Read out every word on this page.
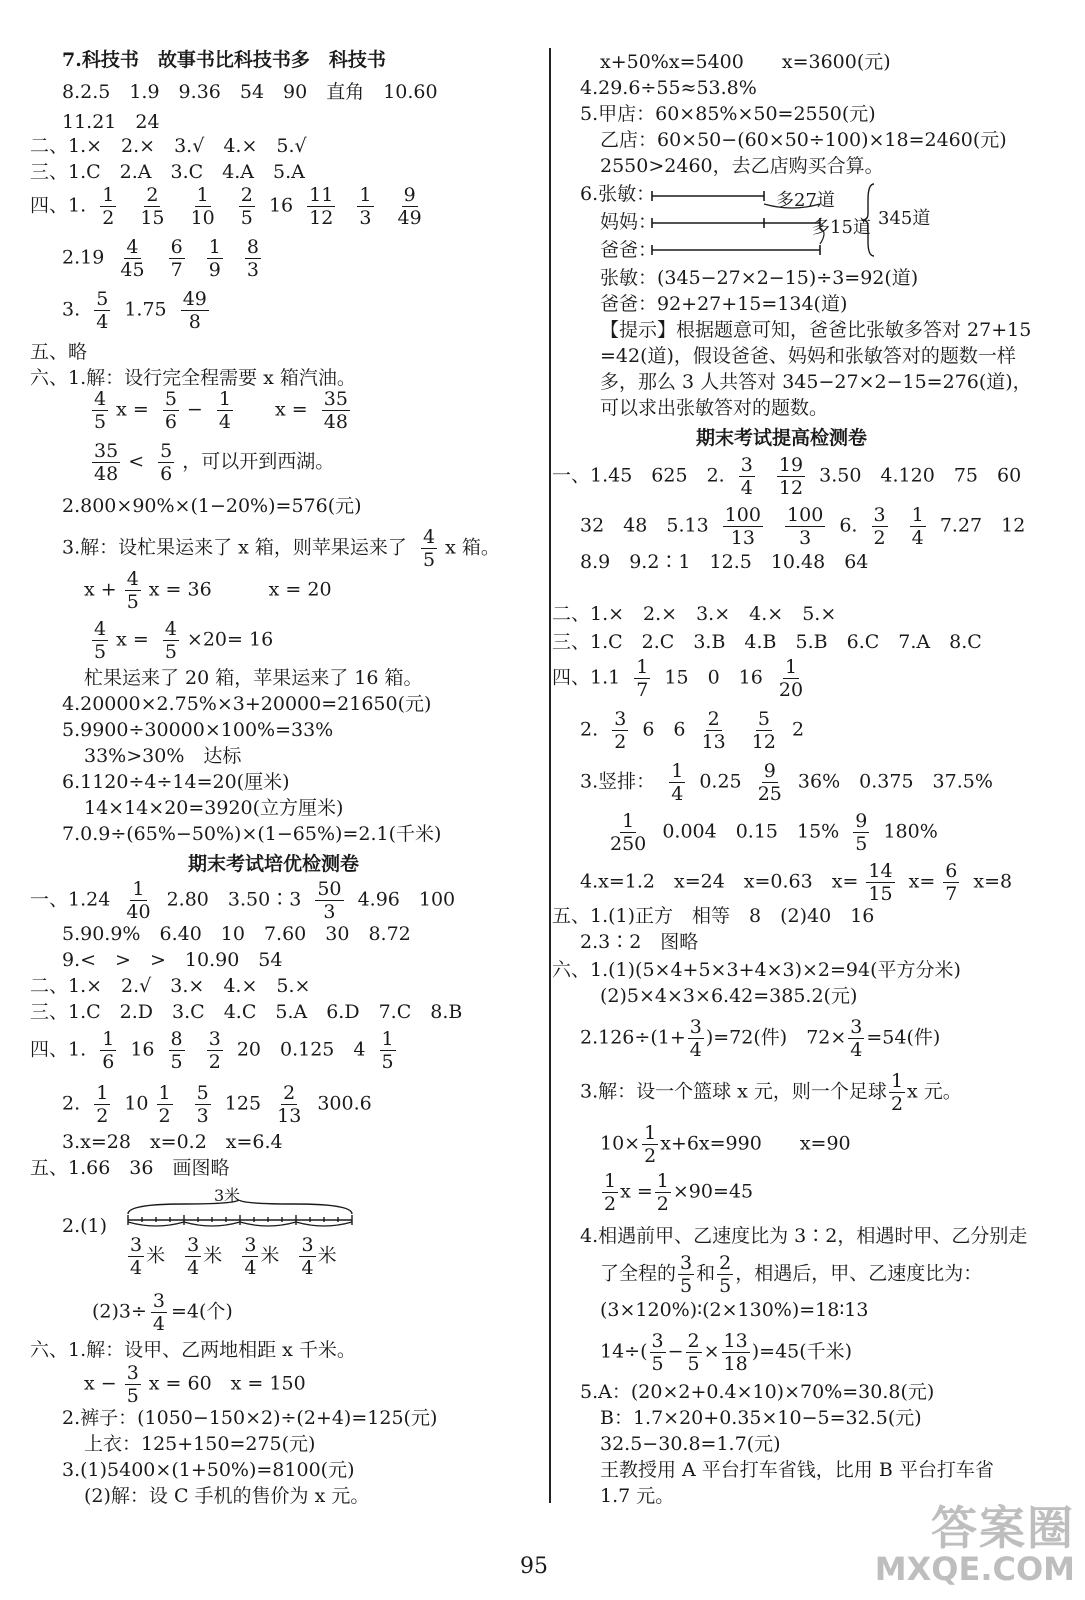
7.科技书　故事书比科技书多　科技书
8.2.5　1.9　9.36　54　90　直角　10.60
11.21　24
二、1.×　2.×　3.√　4.×　5.√
三、1.C　2.A　3.C　4.A　5.A
四、1. $\frac{1}{2}$
$\frac{2}{15}$
$\frac{1}{10}$
$\frac{2}{5} 16 \frac{11}{12}$
$\frac{1}{3}$
$\frac{9}{49}$
$2.19 \frac{4}{45}$
$\frac{6}{7}$
$\frac{1}{9}$
$\frac{8}{3}$
3. $\frac{5}{4} 1.75 \frac{49}{8}$
五、略
六、1.解：设行完全程需要 x 箱汽油。
$\frac{4}{5}$ $x = \frac{5}{6} - \frac{1}{4}$ $x = \frac{35}{48}$
$\frac{35}{48} < \frac{5}{6}$ ，可以开到西湖。
2.800×90%×(1−20%)=576(元)
3.解：设杧果运来了 x 箱，则苹果运来了 $\frac{4}{5}$ x 箱。
$x + \frac{4}{5}$ x = 36　　　x = 20
$\frac{4}{5}$ $x = \frac{4}{5} \times 20= 16$
杧果运来了 20 箱，苹果运来了 16 箱。
4.20000×2.75%×3+20000=21650(元)
5.9900÷30000×100%=33%
33%>30%　达标
6.1120÷4÷14=20(厘米)
14×14×20=3920(立方厘米)
7.0.9÷(65%−50%)×(1−65%)=2.1(千米)
期末考试培优检测卷
一、$1.24 \frac{1}{40} 2.80$　3.50∶3 $\frac{50}{3} 4.96$　100
5.90.9%　6.40　10　7.60　30　8.72
9.<　>　>　10.90　54
二、1.×　2.√　3.×　4.×　5.×
三、1.C　2.D　3.C　4.C　5.A　6.D　7.C　8.B
四、1. $\frac{1}{6} 16 \frac{8}{5}$
$\frac{3}{2} 20$　0.125　$4 \frac{1}{5}$
2. $\frac{1}{2} 10 \frac{1}{2}$
$\frac{5}{3} 125 \frac{2}{13} 300.6$
3.x=28　x=0.2　x=6.4
五、1.66　36　画图略
2.(1)
3米
$\frac{3}{4}$ 米 $\frac{3}{4}$ 米 $\frac{3}{4}$ 米 $\frac{3}{4}$ 米
$(2)3\div \frac{3}{4} =4$(个)
六、1.解：设甲、乙两地相距 x 千米。
$x - \frac{3}{5}$ x = 60　x = 150
2.裤子：(1050−150×2)÷(2+4)=125(元)
上衣：125+150=275(元)
3.(1)5400×(1+50%)=8100(元)
(2)解：设 C 手机的售价为 x 元。
x+50%x=5400　　x=3600(元)
4.29.6÷55≈53.8%
5.甲店：60×85%×50=2550(元)
乙店：60×50−(60×50÷100)×18=2460(元)
2550>2460，去乙店购买合算。
6.张敏：
妈妈：
爸爸：
多27道
多15道 345道
张敏：(345−27×2−15)÷3=92(道)
爸爸：92+27+15=134(道)
【提示】根据题意可知，爸爸比张敏多答对 27+15
=42(道)，假设爸爸、妈妈和张敏答对的题数一样
多，那么 3 人共答对 345−27×2−15=276(道)，
可以求出张敏答对的题数。
期末考试提高检测卷
一、1.45　625　2. $\frac{3}{4}$
$\frac{19}{12} 3.50$　4.120　75　60
32　48　$5.13 \frac{100}{13}$
$\frac{100}{3} 6$. $\frac{3}{2}$
$\frac{1}{4} 7.27$　12
8.9　9.2∶1　12.5　10.48　64
二、1.×　2.×　3.×　4.×　5.×
三、1.C　2.C　3.B　4.B　5.B　6.C　7.A　8.C
四、$1.1 \frac{1}{7} 15$　0　$16 \frac{1}{20}$
2. $\frac{3}{2} 6$　$6 \frac{2}{13}$
$\frac{5}{12} 2$
3.竖排： $\frac{1}{4} 0.25 \frac{9}{25} 36\%$　0.375　37.5%
$\frac{1}{250} 0.004$　0.15　$15\% \frac{9}{5} 180\%$
4.x=1.2　x=24　x=0.63　$x= \frac{14}{15} x= \frac{6}{7} x=8$
五、1.(1)正方　相等　8　(2)40　16
2.3∶2　图略
六、1.(1)(5×4+5×3+4×3)×2=94(平方分米)
(2)5×4×3×6.42=385.2(元)
$2.126\div(1+ \frac{3}{4} )=72$(件)　$72\times \frac{3}{4} =54$(件)
3.解：设一个篮球 x 元，则一个足球 $\frac{1}{2}$ x 元。
$10\times \frac{1}{2} x+6x=990$　　x=90
$\frac{1}{2}$ $x = \frac{1}{2} \times 90=45$
4.相遇前甲、乙速度比为 3∶2，相遇时甲、乙分别走
了全程的 $\frac{3}{5}$ 和 $\frac{2}{5}$ ，相遇后，甲、乙速度比为：
(3×120%)∶(2×130%)=18∶13
$14\div( \frac{3}{5} - \frac{2}{5} \times \frac{13}{18} )=45$(千米)
5.A：(20×2+0.4×10)×70%=30.8(元)
B：1.7×20+0.35×10−5=32.5(元)
32.5−30.8=1.7(元)
王教授用 A 平台打车省钱，比用 B 平台打车省
1.7 元。
95
答案圈
MXQE.COM
